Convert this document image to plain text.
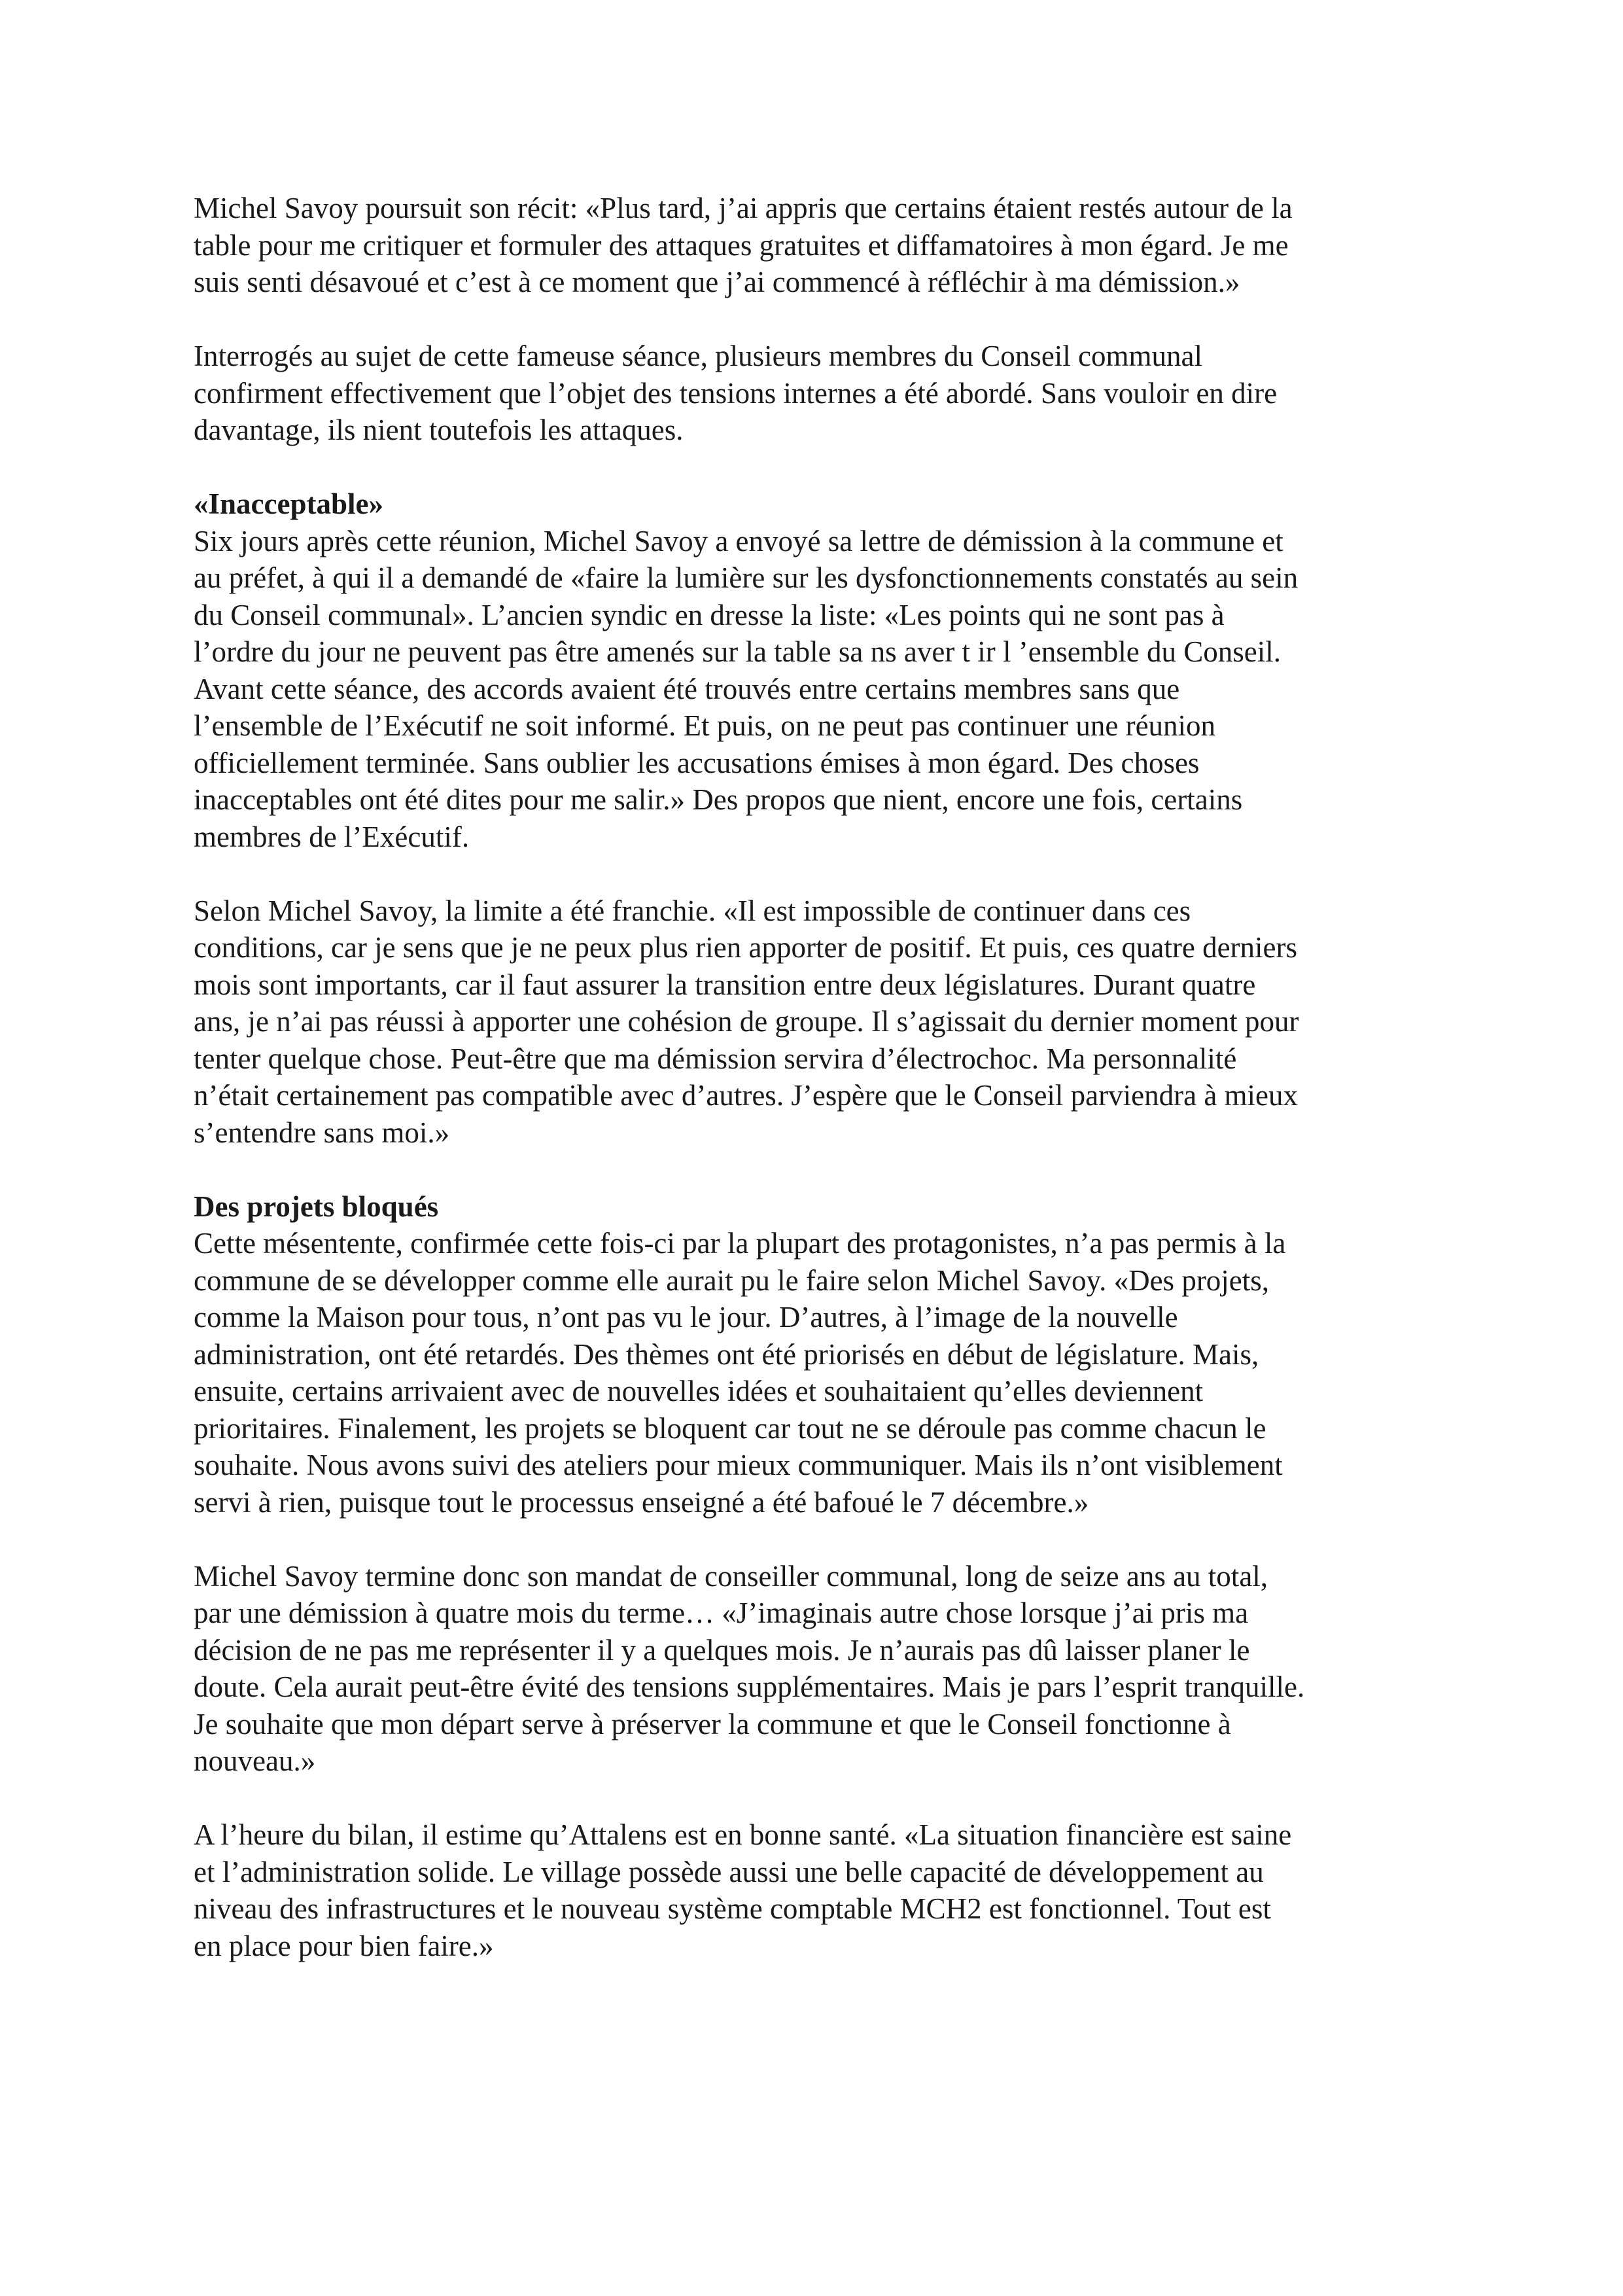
Michel Savoy poursuit son récit: «Plus tard, j’ai appris que certains étaient restés autour de la
table pour me critiquer et formuler des attaques gratuites et diffamatoires à mon égard. Je me
suis senti désavoué et c’est à ce moment que j’ai commencé à réfléchir à ma démission.»

Interrogés au sujet de cette fameuse séance, plusieurs membres du Conseil communal
confirment effectivement que l’objet des tensions internes a été abordé. Sans vouloir en dire
davantage, ils nient toutefois les attaques.

«Inacceptable»

Six jours après cette réunion, Michel Savoy a envoyé sa lettre de démission à la commune et
au préfet, à qui il a demandé de «faire la lumière sur les dysfonctionnements constatés au sein
du Conseil communal». L’ancien syndic en dresse la liste: «Les points qui ne sont pas à
l’ordre du jour ne peuvent pas être amenés sur la table sa ns aver t ir l ’ensemble du Conseil.
Avant cette séance, des accords avaient été trouvés entre certains membres sans que
l’ensemble de l’Exécutif ne soit informé. Et puis, on ne peut pas continuer une réunion
officiellement terminée. Sans oublier les accusations émises à mon égard. Des choses
inacceptables ont été dites pour me salir.» Des propos que nient, encore une fois, certains
membres de l’Exécutif.

Selon Michel Savoy, la limite a été franchie. «Il est impossible de continuer dans ces
conditions, car je sens que je ne peux plus rien apporter de positif. Et puis, ces quatre derniers
mois sont importants, car il faut assurer la transition entre deux législatures. Durant quatre
ans, je n’ai pas réussi à apporter une cohésion de groupe. Il s’agissait du dernier moment pour
tenter quelque chose. Peut-être que ma démission servira d’électrochoc. Ma personnalité
n’était certainement pas compatible avec d’autres. J’espère que le Conseil parviendra à mieux
s’entendre sans moi.»

Des projets bloqués

Cette mésentente, confirmée cette fois-ci par la plupart des protagonistes, n’a pas permis à la
commune de se développer comme elle aurait pu le faire selon Michel Savoy. «Des projets,
comme la Maison pour tous, n’ont pas vu le jour. D’autres, à l’image de la nouvelle
administration, ont été retardés. Des thèmes ont été priorisés en début de législature. Mais,
ensuite, certains arrivaient avec de nouvelles idées et souhaitaient qu’elles deviennent
prioritaires. Finalement, les projets se bloquent car tout ne se déroule pas comme chacun le
souhaite. Nous avons suivi des ateliers pour mieux communiquer. Mais ils n’ont visiblement
servi à rien, puisque tout le processus enseigné a été bafoué le 7 décembre.»

Michel Savoy termine donc son mandat de conseiller communal, long de seize ans au total,
par une démission à quatre mois du terme… «J’imaginais autre chose lorsque j’ai pris ma
décision de ne pas me représenter il y a quelques mois. Je n’aurais pas dû laisser planer le
doute. Cela aurait peut-être évité des tensions supplémentaires. Mais je pars l’esprit tranquille.
Je souhaite que mon départ serve à préserver la commune et que le Conseil fonctionne à
nouveau.»

A l’heure du bilan, il estime qu’Attalens est en bonne santé. «La situation financière est saine
et l’administration solide. Le village possède aussi une belle capacité de développement au
niveau des infrastructures et le nouveau système comptable MCH2 est fonctionnel. Tout est
en place pour bien faire.»
